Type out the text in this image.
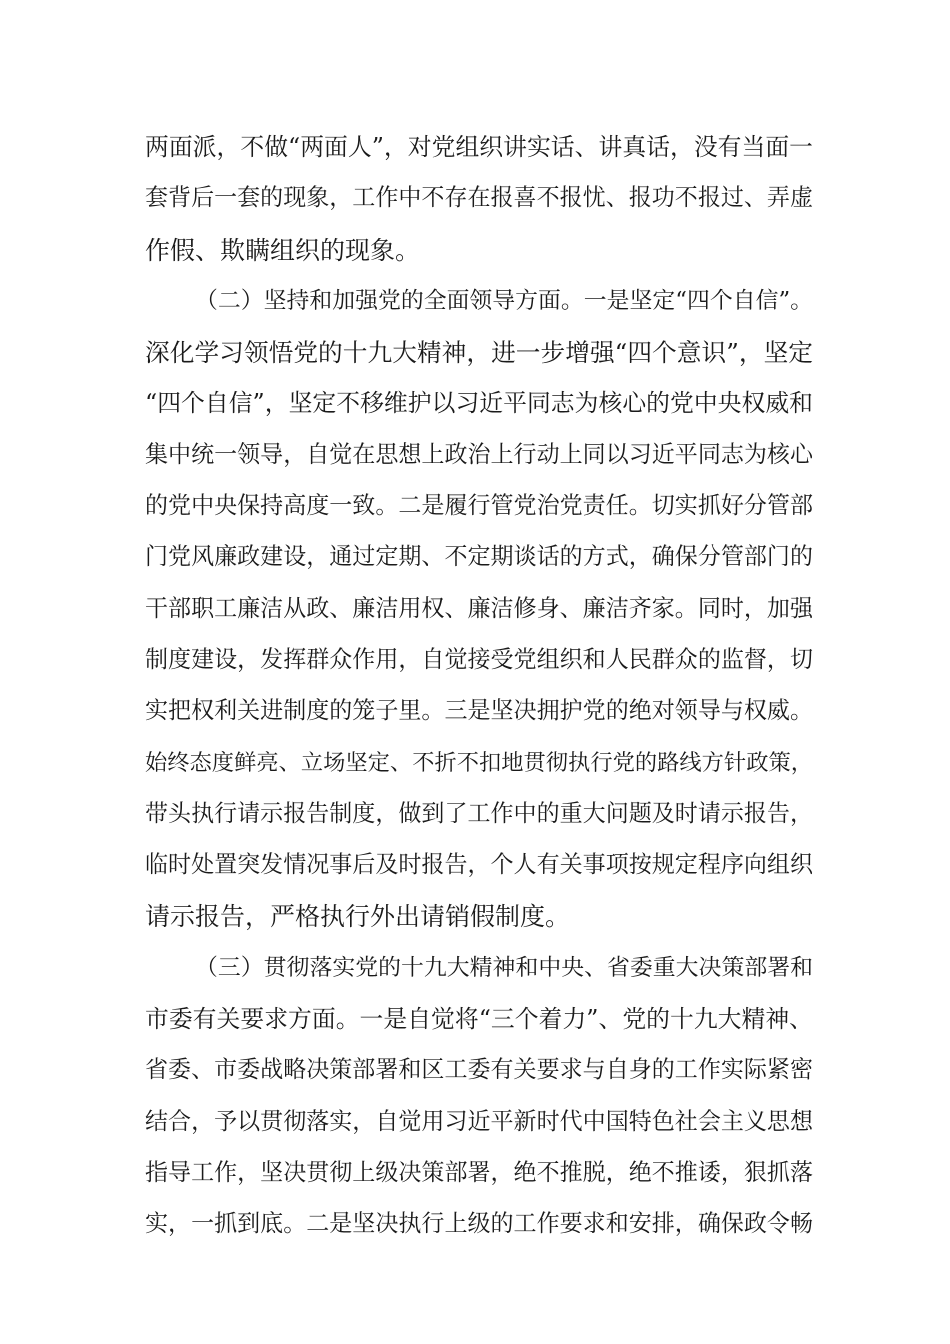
两面派，不做“两面人”，对党组织讲实话、讲真话，没有当面一
套背后一套的现象，工作中不存在报喜不报忧、报功不报过、弄虚
作假、欺瞒组织的现象。
（二）坚持和加强党的全面领导方面。一是坚定“四个自信”。
深化学习领悟党的十九大精神，进一步增强“四个意识”，坚定
“四个自信”，坚定不移维护以习近平同志为核心的党中央权威和
集中统一领导，自觉在思想上政治上行动上同以习近平同志为核心
的党中央保持高度一致。二是履行管党治党责任。切实抓好分管部
门党风廉政建设，通过定期、不定期谈话的方式，确保分管部门的
干部职工廉洁从政、廉洁用权、廉洁修身、廉洁齐家。同时，加强
制度建设，发挥群众作用，自觉接受党组织和人民群众的监督，切
实把权利关进制度的笼子里。三是坚决拥护党的绝对领导与权威。
始终态度鲜亮、立场坚定、不折不扣地贯彻执行党的路线方针政策，
带头执行请示报告制度，做到了工作中的重大问题及时请示报告，
临时处置突发情况事后及时报告，个人有关事项按规定程序向组织
请示报告，严格执行外出请销假制度。
（三）贯彻落实党的十九大精神和中央、省委重大决策部署和
市委有关要求方面。一是自觉将“三个着力”、党的十九大精神、
省委、市委战略决策部署和区工委有关要求与自身的工作实际紧密
结合，予以贯彻落实，自觉用习近平新时代中国特色社会主义思想
指导工作，坚决贯彻上级决策部署，绝不推脱，绝不推诿，狠抓落
实，一抓到底。二是坚决执行上级的工作要求和安排，确保政令畅
